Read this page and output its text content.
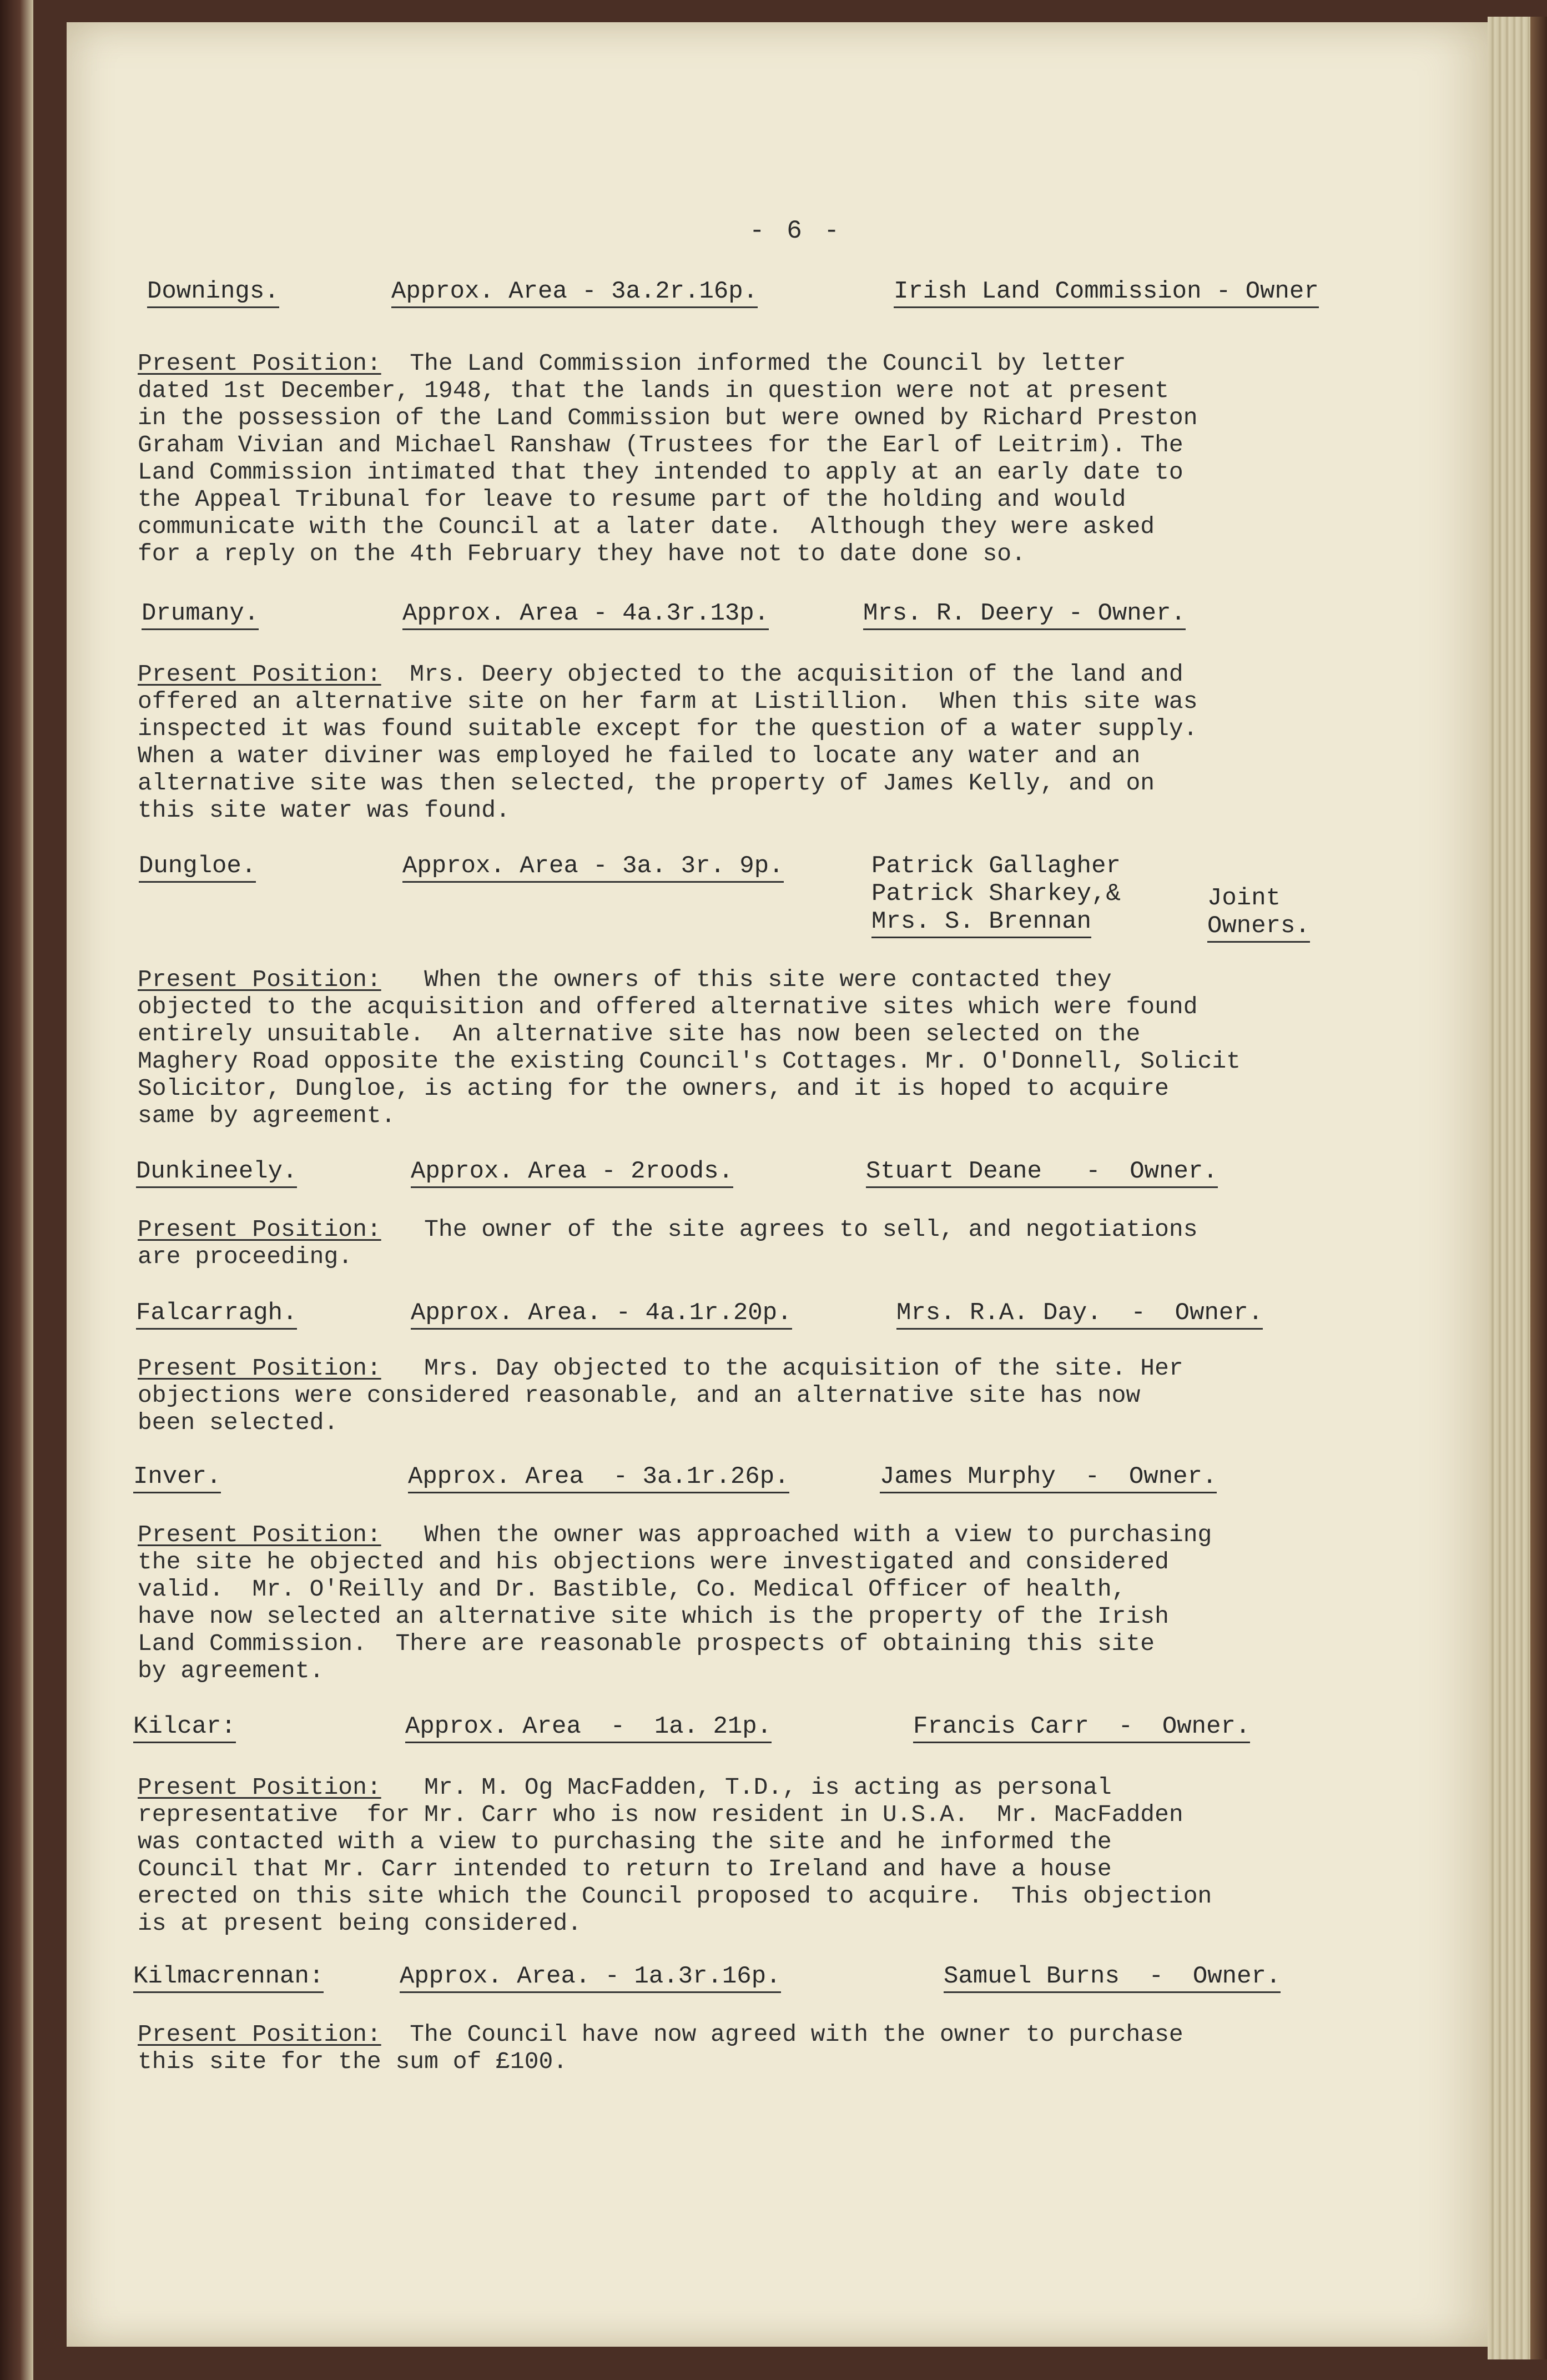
- 6 -
Downings.	Approx. Area - 3a.2r.16p.	Irish Land Commission - Owner
Present Position: The Land Commission informed the Council by letter
dated 1st December, 1948, that the lands in question were not at present
in the possession of the Land Commission but were owned by Richard Preston
Graham Vivian and Michael Ranshaw (Trustees for the Earl of Leitrim). The
Land Commission intimated that they intended to apply at an early date to
the Appeal Tribunal for leave to resume part of the holding and would
communicate with the Council at a later date.  Although they were asked
for a reply on the 4th February they have not to date done so.
Drumany.	Approx. Area - 4a.3r.13p.	Mrs. R. Deery - Owner.
Present Position: Mrs. Deery objected to the acquisition of the land and
offered an alternative site on her farm at Listillion.  When this site was
inspected it was found suitable except for the question of a water supply.
When a water diviner was employed he failed to locate any water and an
alternative site was then selected, the property of James Kelly, and on
this site water was found.
Dungloe.	Approx. Area - 3a. 3r. 9p.	Patrick Gallagher
Patrick Sharkey,&
Mrs. S. Brennan
Joint
Owners.
Present Position: When the owners of this site were contacted they
objected to the acquisition and offered alternative sites which were found
entirely unsuitable.  An alternative site has now been selected on the
Maghery Road opposite the existing Council's Cottages. Mr. O'Donnell, Solicit
Solicitor, Dungloe, is acting for the owners, and it is hoped to acquire
same by agreement.
Dunkineely.	Approx. Area - 2roods.	Stuart Deane   -  Owner.
Present Position: The owner of the site agrees to sell, and negotiations
are proceeding.
Falcarragh.	Approx. Area. - 4a.1r.20p.	Mrs. R.A. Day.  -  Owner.
Present Position: Mrs. Day objected to the acquisition of the site. Her
objections were considered reasonable, and an alternative site has now
been selected.
Inver.	Approx. Area  - 3a.1r.26p.	James Murphy  -  Owner.
Present Position: When the owner was approached with a view to purchasing
the site he objected and his objections were investigated and considered
valid.  Mr. O'Reilly and Dr. Bastible, Co. Medical Officer of health,
have now selected an alternative site which is the property of the Irish
Land Commission.  There are reasonable prospects of obtaining this site
by agreement.
Kilcar:	Approx. Area  -  1a. 21p.	Francis Carr  -  Owner.
Present Position: Mr. M. Og MacFadden, T.D., is acting as personal
representative  for Mr. Carr who is now resident in U.S.A.  Mr. MacFadden
was contacted with a view to purchasing the site and he informed the
Council that Mr. Carr intended to return to Ireland and have a house
erected on this site which the Council proposed to acquire.  This objection
is at present being considered.
Kilmacrennan:	Approx. Area. - 1a.3r.16p.	Samuel Burns  -  Owner.
Present Position: The Council have now agreed with the owner to purchase
this site for the sum of £100.
